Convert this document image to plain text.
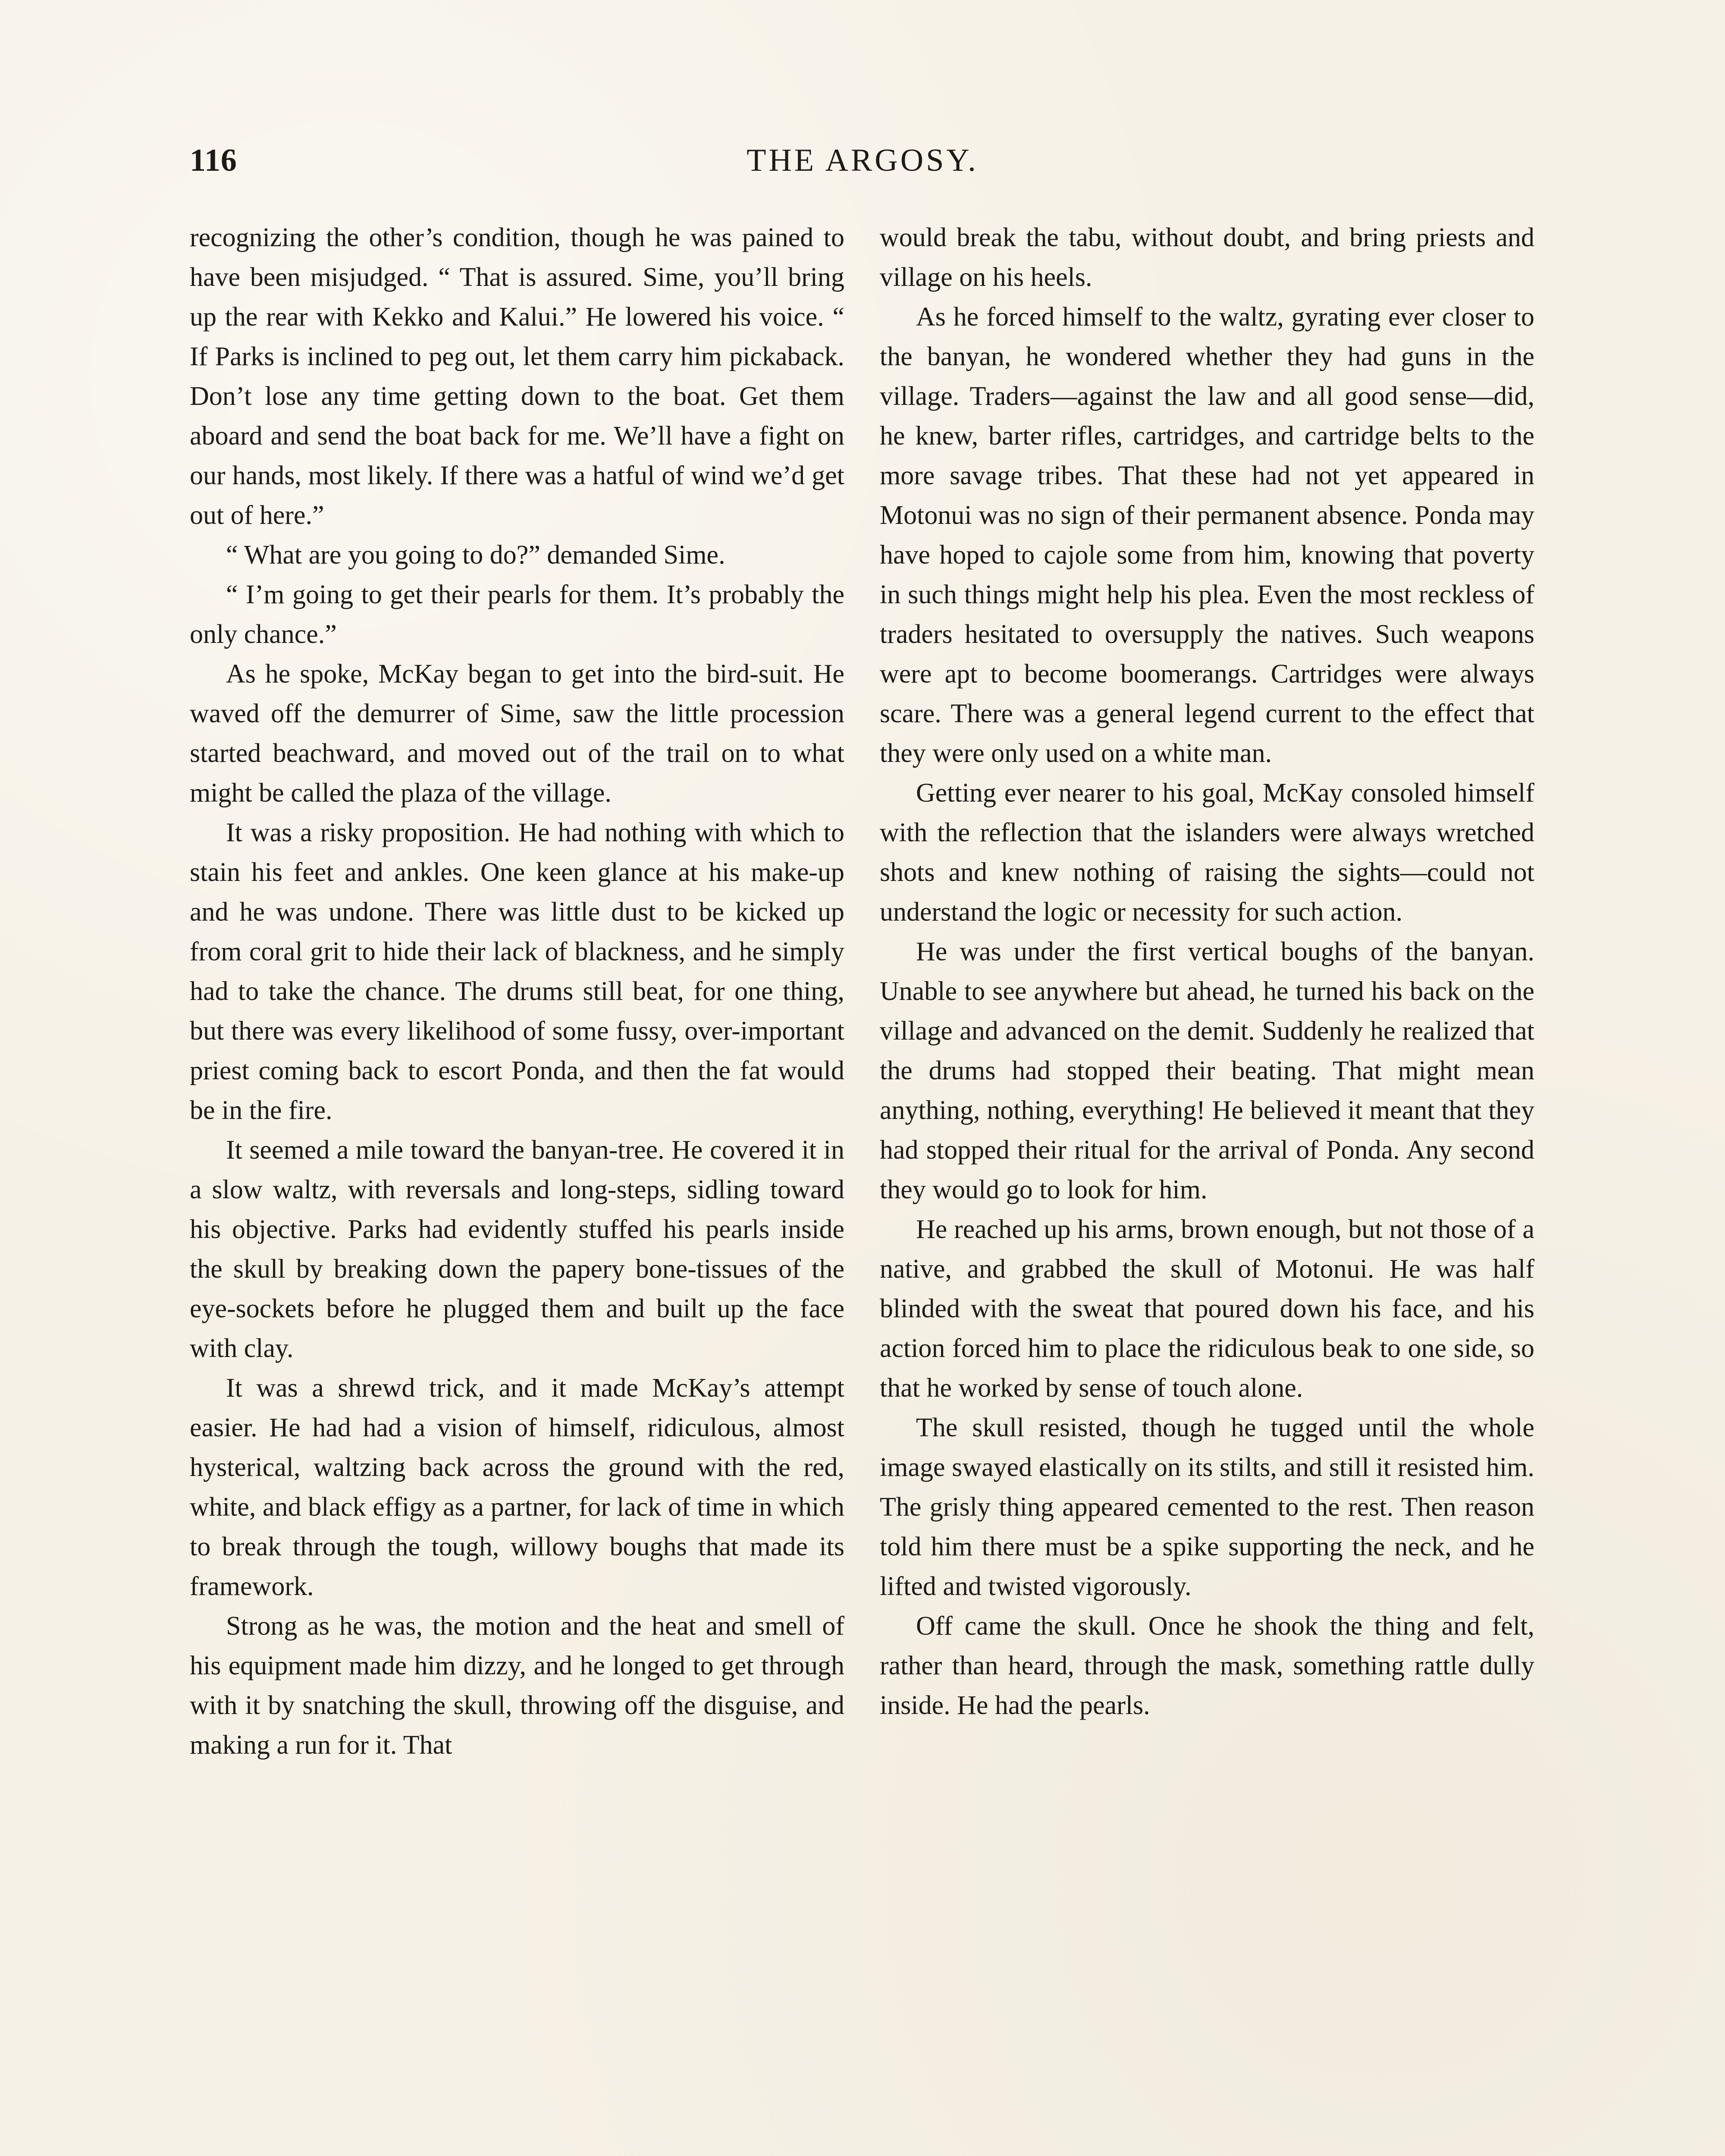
116	THE ARGOSY.

recognizing the other’s condition, though he was pained to have been misjudged. “ That is assured. Sime, you’ll bring up the rear with Kekko and Kalui.” He lowered his voice. “ If Parks is inclined to peg out, let them carry him pickaback. Don’t lose any time getting down to the boat. Get them aboard and send the boat back for me. We’ll have a fight on our hands, most likely. If there was a hatful of wind we’d get out of here.”

“ What are you going to do?” demanded Sime.

“ I’m going to get their pearls for them. It’s probably the only chance.”

As he spoke, McKay began to get into the bird-suit. He waved off the demurrer of Sime, saw the little procession started beachward, and moved out of the trail on to what might be called the plaza of the village.

It was a risky proposition. He had nothing with which to stain his feet and ankles. One keen glance at his make-up and he was undone. There was little dust to be kicked up from coral grit to hide their lack of blackness, and he simply had to take the chance. The drums still beat, for one thing, but there was every likelihood of some fussy, over-important priest coming back to escort Ponda, and then the fat would be in the fire.

It seemed a mile toward the banyan-tree. He covered it in a slow waltz, with reversals and long-steps, sidling toward his objective. Parks had evidently stuffed his pearls inside the skull by breaking down the papery bone-tissues of the eye-sockets before he plugged them and built up the face with clay.

It was a shrewd trick, and it made McKay’s attempt easier. He had had a vision of himself, ridiculous, almost hysterical, waltzing back across the ground with the red, white, and black effigy as a partner, for lack of time in which to break through the tough, willowy boughs that made its framework.

Strong as he was, the motion and the heat and smell of his equipment made him dizzy, and he longed to get through with it by snatching the skull, throwing off the disguise, and making a run for it. That

would break the tabu, without doubt, and bring priests and village on his heels.

As he forced himself to the waltz, gyrating ever closer to the banyan, he wondered whether they had guns in the village. Traders—against the law and all good sense—did, he knew, barter rifles, cartridges, and cartridge belts to the more savage tribes. That these had not yet appeared in Motonui was no sign of their permanent absence. Ponda may have hoped to cajole some from him, knowing that poverty in such things might help his plea. Even the most reckless of traders hesitated to oversupply the natives. Such weapons were apt to become boomerangs. Cartridges were always scare. There was a general legend current to the effect that they were only used on a white man.

Getting ever nearer to his goal, McKay consoled himself with the reflection that the islanders were always wretched shots and knew nothing of raising the sights—could not understand the logic or necessity for such action.

He was under the first vertical boughs of the banyan. Unable to see anywhere but ahead, he turned his back on the village and advanced on the demit. Suddenly he realized that the drums had stopped their beating. That might mean anything, nothing, everything! He believed it meant that they had stopped their ritual for the arrival of Ponda. Any second they would go to look for him.

He reached up his arms, brown enough, but not those of a native, and grabbed the skull of Motonui. He was half blinded with the sweat that poured down his face, and his action forced him to place the ridiculous beak to one side, so that he worked by sense of touch alone.

The skull resisted, though he tugged until the whole image swayed elastically on its stilts, and still it resisted him. The grisly thing appeared cemented to the rest. Then reason told him there must be a spike supporting the neck, and he lifted and twisted vigorously.

Off came the skull. Once he shook the thing and felt, rather than heard, through the mask, something rattle dully inside. He had the pearls.
